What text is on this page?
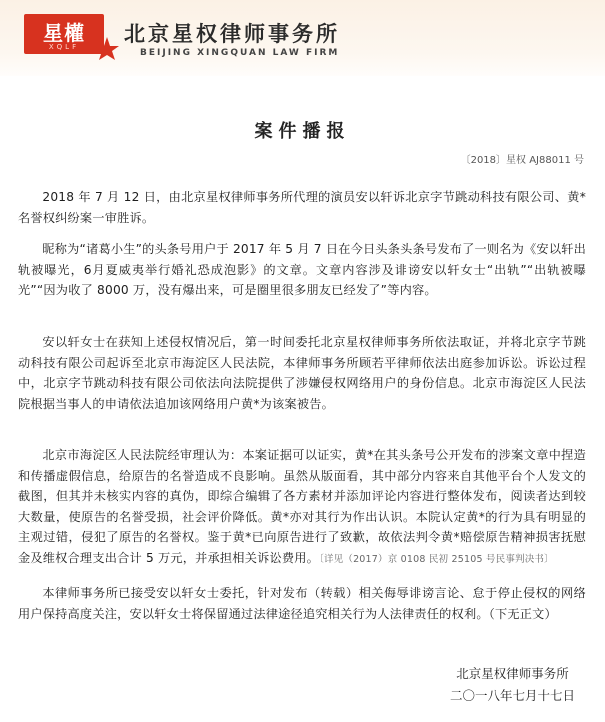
星權
XQLF
北京星权律师事务所
BEIJING XINGQUAN LAW FIRM
案件播报
〔2018〕星权 AJ88011 号

2018 年 7 月 12 日，由北京星权律师事务所代理的演员安以轩诉北京字节跳动科技有限公司、黄*名誉权纠纷案一审胜诉。

昵称为“诸葛小生”的头条号用户于 2017 年 5 月 7 日在今日头条头条号发布了一则名为《安以轩出轨被曝光，6月夏威夷举行婚礼恐成泡影》的文章。文章内容涉及诽谤安以轩女士“出轨”“出轨被曝光”“因为收了 8000 万，没有爆出来，可是圈里很多朋友已经发了”等内容。

安以轩女士在获知上述侵权情况后，第一时间委托北京星权律师事务所依法取证，并将北京字节跳动科技有限公司起诉至北京市海淀区人民法院，本律师事务所顾若平律师依法出庭参加诉讼。诉讼过程中，北京字节跳动科技有限公司依法向法院提供了涉嫌侵权网络用户的身份信息。北京市海淀区人民法院根据当事人的申请依法追加该网络用户黄*为该案被告。

北京市海淀区人民法院经审理认为：本案证据可以证实，黄*在其头条号公开发布的涉案文章中捏造和传播虚假信息，给原告的名誉造成不良影响。虽然从版面看，其中部分内容来自其他平台个人发文的截图，但其并未核实内容的真伪，即综合编辑了各方素材并添加评论内容进行整体发布，阅读者达到较大数量，使原告的名誉受损，社会评价降低。黄*亦对其行为作出认识。本院认定黄*的行为具有明显的主观过错，侵犯了原告的名誉权。鉴于黄*已向原告进行了致歉，故依法判令黄*赔偿原告精神损害抚慰金及维权合理支出合计 5 万元，并承担相关诉讼费用。〔详见（2017）京 0108 民初 25105 号民事判决书〕

本律师事务所已接受安以轩女士委托，针对发布（转载）相关侮辱诽谤言论、怠于停止侵权的网络用户保持高度关注，安以轩女士将保留通过法律途径追究相关行为人法律责任的权利。（下无正文）

北京星权律师事务所
二〇一八年七月十七日
